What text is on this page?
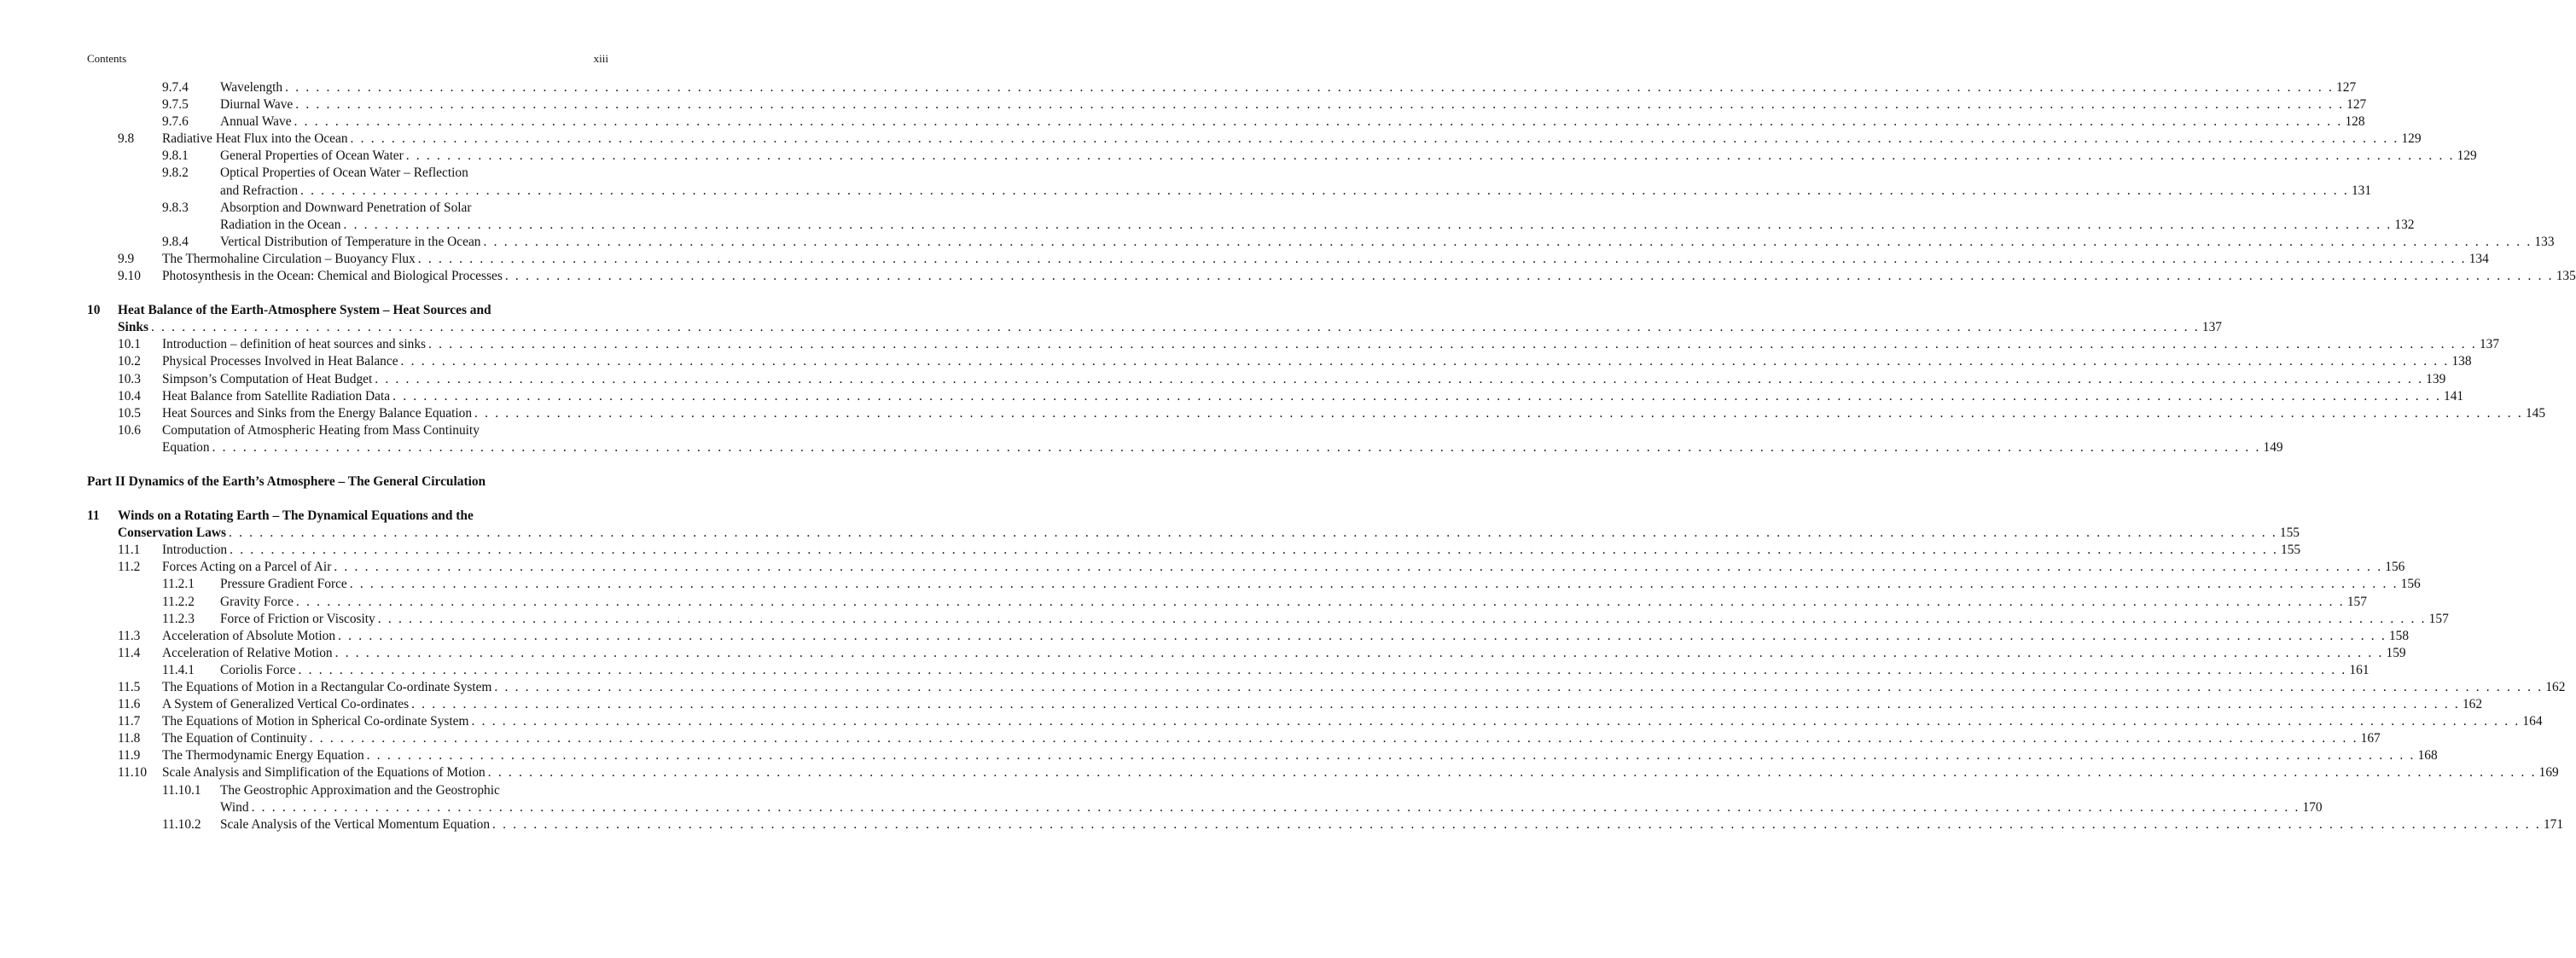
Contents	xiii
9.7.4 Wavelength . . . . . . . . . . . . . . . . . . . . . . . . . . . . . . . . . . . . . . . . . . . . . . . . . . . . . . . . . . . . . . . . . . . . . . . . . . . . . . . . . . . . . . . . . . . . . . . . . . . . . . . . . . . . . . . . . . . . . . . . . . . . . . . . . . . . . . . . . . . . . . . . . . . . . . . . . . . . . . . . . . . . . . . . . . . . . . . . . . . . . . . . . . . . . . . . . . . . . . . 127
9.7.5 Diurnal Wave . . . . . . . . . . . . . . . . . . . . . . . . . . . . . . . . . . . . . . . . . . . . . . . . . . . . . . . . . . . . . . . . . . . . . . . . . . . . . . . . . . . . . . . . . . . . . . . . . . . . . . . . . . . . . . . . . . . . . . . . . . . . . . . . . . . . . . . . . . . . . . . . . . . . . . . . . . . . . . . . . . . . . . . . . . . . . . . . . . . . . . . . . . . . . . . . . . . . . . . 127
9.7.6 Annual Wave . . . . . . . . . . . . . . . . . . . . . . . . . . . . . . . . . . . . . . . . . . . . . . . . . . . . . . . . . . . . . . . . . . . . . . . . . . . . . . . . . . . . . . . . . . . . . . . . . . . . . . . . . . . . . . . . . . . . . . . . . . . . . . . . . . . . . . . . . . . . . . . . . . . . . . . . . . . . . . . . . . . . . . . . . . . . . . . . . . . . . . . . . . . . . . . . . . . . . . . 128
9.8 Radiative Heat Flux into the Ocean . . . . . . . . . . . . . . . . . . . . . . . . . . . . . . . . . . . . . . . . . . . . . . . . . . . . . . . . . . . . . . . . . . . . . . . . . . . . . . . . . . . . . . . . . . . . . . . . . . . . . . . . . . . . . . . . . . . . . . . . . . . . . . . . . . . . . . . . . . . . . . . . . . . . . . . . . . . . . . . . . . . . . . . . . . . . . . . . . . . . . . . . . . . . . . . . . . . . . . . 129
9.8.1 General Properties of Ocean Water . . . . . . . . . . . . . . . . . . . . . . . . . . . . . . . . . . . . . . . . . . . . . . . . . . . . . . . . . . . . . . . . . . . . . . . . . . . . . . . . . . . . . . . . . . . . . . . . . . . . . . . . . . . . . . . . . . . . . . . . . . . . . . . . . . . . . . . . . . . . . . . . . . . . . . . . . . . . . . . . . . . . . . . . . . . . . . . . . . . . . . . . . . . . . . . . . . . . . . . 129
9.8.2 Optical Properties of Ocean Water – Reflection
and Refraction . . . . . . . . . . . . . . . . . . . . . . . . . . . . . . . . . . . . . . . . . . . . . . . . . . . . . . . . . . . . . . . . . . . . . . . . . . . . . . . . . . . . . . . . . . . . . . . . . . . . . . . . . . . . . . . . . . . . . . . . . . . . . . . . . . . . . . . . . . . . . . . . . . . . . . . . . . . . . . . . . . . . . . . . . . . . . . . . . . . . . . . . . . . . . . . . . . . . . . . 131
9.8.3 Absorption and Downward Penetration of Solar
Radiation in the Ocean . . . . . . . . . . . . . . . . . . . . . . . . . . . . . . . . . . . . . . . . . . . . . . . . . . . . . . . . . . . . . . . . . . . . . . . . . . . . . . . . . . . . . . . . . . . . . . . . . . . . . . . . . . . . . . . . . . . . . . . . . . . . . . . . . . . . . . . . . . . . . . . . . . . . . . . . . . . . . . . . . . . . . . . . . . . . . . . . . . . . . . . . . . . . . . . . . . . . . . . 132
9.8.4 Vertical Distribution of Temperature in the Ocean . . . . . . . . . . . . . . . . . . . . . . . . . . . . . . . . . . . . . . . . . . . . . . . . . . . . . . . . . . . . . . . . . . . . . . . . . . . . . . . . . . . . . . . . . . . . . . . . . . . . . . . . . . . . . . . . . . . . . . . . . . . . . . . . . . . . . . . . . . . . . . . . . . . . . . . . . . . . . . . . . . . . . . . . . . . . . . . . . . . . . . . . . . . . . . . . . . . . . . . 133
9.9 The Thermohaline Circulation – Buoyancy Flux . . . . . . . . . . . . . . . . . . . . . . . . . . . . . . . . . . . . . . . . . . . . . . . . . . . . . . . . . . . . . . . . . . . . . . . . . . . . . . . . . . . . . . . . . . . . . . . . . . . . . . . . . . . . . . . . . . . . . . . . . . . . . . . . . . . . . . . . . . . . . . . . . . . . . . . . . . . . . . . . . . . . . . . . . . . . . . . . . . . . . . . . . . . . . . . . . . . . . . . 134
9.10 Photosynthesis in the Ocean: Chemical and Biological Processes . . . . . . . . . . . . . . . . . . . . . . . . . . . . . . . . . . . . . . . . . . . . . . . . . . . . . . . . . . . . . . . . . . . . . . . . . . . . . . . . . . . . . . . . . . . . . . . . . . . . . . . . . . . . . . . . . . . . . . . . . . . . . . . . . . . . . . . . . . . . . . . . . . . . . . . . . . . . . . . . . . . . . . . . . . . . . . . . . . . . . . . . . . . . . . . . . . . . . . . 135
10 Heat Balance of the Earth-Atmosphere System – Heat Sources and
Sinks . . . . . . . . . . . . . . . . . . . . . . . . . . . . . . . . . . . . . . . . . . . . . . . . . . . . . . . . . . . . . . . . . . . . . . . . . . . . . . . . . . . . . . . . . . . . . . . . . . . . . . . . . . . . . . . . . . . . . . . . . . . . . . . . . . . . . . . . . . . . . . . . . . . . . . . . . . . . . . . . . . . . . . . . . . . . . . . . . . . . . . . . . . . . . . . . . . . . . . . 137
10.1 Introduction – definition of heat sources and sinks . . . . . . . . . . . . . . . . . . . . . . . . . . . . . . . . . . . . . . . . . . . . . . . . . . . . . . . . . . . . . . . . . . . . . . . . . . . . . . . . . . . . . . . . . . . . . . . . . . . . . . . . . . . . . . . . . . . . . . . . . . . . . . . . . . . . . . . . . . . . . . . . . . . . . . . . . . . . . . . . . . . . . . . . . . . . . . . . . . . . . . . . . . . . . . . . . . . . . . . 137
10.2 Physical Processes Involved in Heat Balance . . . . . . . . . . . . . . . . . . . . . . . . . . . . . . . . . . . . . . . . . . . . . . . . . . . . . . . . . . . . . . . . . . . . . . . . . . . . . . . . . . . . . . . . . . . . . . . . . . . . . . . . . . . . . . . . . . . . . . . . . . . . . . . . . . . . . . . . . . . . . . . . . . . . . . . . . . . . . . . . . . . . . . . . . . . . . . . . . . . . . . . . . . . . . . . . . . . . . . . 138
10.3 Simpson’s Computation of Heat Budget . . . . . . . . . . . . . . . . . . . . . . . . . . . . . . . . . . . . . . . . . . . . . . . . . . . . . . . . . . . . . . . . . . . . . . . . . . . . . . . . . . . . . . . . . . . . . . . . . . . . . . . . . . . . . . . . . . . . . . . . . . . . . . . . . . . . . . . . . . . . . . . . . . . . . . . . . . . . . . . . . . . . . . . . . . . . . . . . . . . . . . . . . . . . . . . . . . . . . . . 139
10.4 Heat Balance from Satellite Radiation Data . . . . . . . . . . . . . . . . . . . . . . . . . . . . . . . . . . . . . . . . . . . . . . . . . . . . . . . . . . . . . . . . . . . . . . . . . . . . . . . . . . . . . . . . . . . . . . . . . . . . . . . . . . . . . . . . . . . . . . . . . . . . . . . . . . . . . . . . . . . . . . . . . . . . . . . . . . . . . . . . . . . . . . . . . . . . . . . . . . . . . . . . . . . . . . . . . . . . . . . 141
10.5 Heat Sources and Sinks from the Energy Balance Equation . . . . . . . . . . . . . . . . . . . . . . . . . . . . . . . . . . . . . . . . . . . . . . . . . . . . . . . . . . . . . . . . . . . . . . . . . . . . . . . . . . . . . . . . . . . . . . . . . . . . . . . . . . . . . . . . . . . . . . . . . . . . . . . . . . . . . . . . . . . . . . . . . . . . . . . . . . . . . . . . . . . . . . . . . . . . . . . . . . . . . . . . . . . . . . . . . . . . . . . 145
10.6 Computation of Atmospheric Heating from Mass Continuity
Equation . . . . . . . . . . . . . . . . . . . . . . . . . . . . . . . . . . . . . . . . . . . . . . . . . . . . . . . . . . . . . . . . . . . . . . . . . . . . . . . . . . . . . . . . . . . . . . . . . . . . . . . . . . . . . . . . . . . . . . . . . . . . . . . . . . . . . . . . . . . . . . . . . . . . . . . . . . . . . . . . . . . . . . . . . . . . . . . . . . . . . . . . . . . . . . . . . . . . . . . 149
Part II Dynamics of the Earth’s Atmosphere – The General Circulation
11 Winds on a Rotating Earth – The Dynamical Equations and the
Conservation Laws . . . . . . . . . . . . . . . . . . . . . . . . . . . . . . . . . . . . . . . . . . . . . . . . . . . . . . . . . . . . . . . . . . . . . . . . . . . . . . . . . . . . . . . . . . . . . . . . . . . . . . . . . . . . . . . . . . . . . . . . . . . . . . . . . . . . . . . . . . . . . . . . . . . . . . . . . . . . . . . . . . . . . . . . . . . . . . . . . . . . . . . . . . . . . . . . . . . . . . . 155
11.1 Introduction . . . . . . . . . . . . . . . . . . . . . . . . . . . . . . . . . . . . . . . . . . . . . . . . . . . . . . . . . . . . . . . . . . . . . . . . . . . . . . . . . . . . . . . . . . . . . . . . . . . . . . . . . . . . . . . . . . . . . . . . . . . . . . . . . . . . . . . . . . . . . . . . . . . . . . . . . . . . . . . . . . . . . . . . . . . . . . . . . . . . . . . . . . . . . . . . . . . . . . . 155
11.2 Forces Acting on a Parcel of Air . . . . . . . . . . . . . . . . . . . . . . . . . . . . . . . . . . . . . . . . . . . . . . . . . . . . . . . . . . . . . . . . . . . . . . . . . . . . . . . . . . . . . . . . . . . . . . . . . . . . . . . . . . . . . . . . . . . . . . . . . . . . . . . . . . . . . . . . . . . . . . . . . . . . . . . . . . . . . . . . . . . . . . . . . . . . . . . . . . . . . . . . . . . . . . . . . . . . . . . 156
11.2.1 Pressure Gradient Force . . . . . . . . . . . . . . . . . . . . . . . . . . . . . . . . . . . . . . . . . . . . . . . . . . . . . . . . . . . . . . . . . . . . . . . . . . . . . . . . . . . . . . . . . . . . . . . . . . . . . . . . . . . . . . . . . . . . . . . . . . . . . . . . . . . . . . . . . . . . . . . . . . . . . . . . . . . . . . . . . . . . . . . . . . . . . . . . . . . . . . . . . . . . . . . . . . . . . . . 156
11.2.2 Gravity Force . . . . . . . . . . . . . . . . . . . . . . . . . . . . . . . . . . . . . . . . . . . . . . . . . . . . . . . . . . . . . . . . . . . . . . . . . . . . . . . . . . . . . . . . . . . . . . . . . . . . . . . . . . . . . . . . . . . . . . . . . . . . . . . . . . . . . . . . . . . . . . . . . . . . . . . . . . . . . . . . . . . . . . . . . . . . . . . . . . . . . . . . . . . . . . . . . . . . . . . 157
11.2.3 Force of Friction or Viscosity . . . . . . . . . . . . . . . . . . . . . . . . . . . . . . . . . . . . . . . . . . . . . . . . . . . . . . . . . . . . . . . . . . . . . . . . . . . . . . . . . . . . . . . . . . . . . . . . . . . . . . . . . . . . . . . . . . . . . . . . . . . . . . . . . . . . . . . . . . . . . . . . . . . . . . . . . . . . . . . . . . . . . . . . . . . . . . . . . . . . . . . . . . . . . . . . . . . . . . . 157
11.3 Acceleration of Absolute Motion . . . . . . . . . . . . . . . . . . . . . . . . . . . . . . . . . . . . . . . . . . . . . . . . . . . . . . . . . . . . . . . . . . . . . . . . . . . . . . . . . . . . . . . . . . . . . . . . . . . . . . . . . . . . . . . . . . . . . . . . . . . . . . . . . . . . . . . . . . . . . . . . . . . . . . . . . . . . . . . . . . . . . . . . . . . . . . . . . . . . . . . . . . . . . . . . . . . . . . . 158
11.4 Acceleration of Relative Motion . . . . . . . . . . . . . . . . . . . . . . . . . . . . . . . . . . . . . . . . . . . . . . . . . . . . . . . . . . . . . . . . . . . . . . . . . . . . . . . . . . . . . . . . . . . . . . . . . . . . . . . . . . . . . . . . . . . . . . . . . . . . . . . . . . . . . . . . . . . . . . . . . . . . . . . . . . . . . . . . . . . . . . . . . . . . . . . . . . . . . . . . . . . . . . . . . . . . . . . 159
11.4.1 Coriolis Force . . . . . . . . . . . . . . . . . . . . . . . . . . . . . . . . . . . . . . . . . . . . . . . . . . . . . . . . . . . . . . . . . . . . . . . . . . . . . . . . . . . . . . . . . . . . . . . . . . . . . . . . . . . . . . . . . . . . . . . . . . . . . . . . . . . . . . . . . . . . . . . . . . . . . . . . . . . . . . . . . . . . . . . . . . . . . . . . . . . . . . . . . . . . . . . . . . . . . . . 161
11.5 The Equations of Motion in a Rectangular Co-ordinate System . . . . . . . . . . . . . . . . . . . . . . . . . . . . . . . . . . . . . . . . . . . . . . . . . . . . . . . . . . . . . . . . . . . . . . . . . . . . . . . . . . . . . . . . . . . . . . . . . . . . . . . . . . . . . . . . . . . . . . . . . . . . . . . . . . . . . . . . . . . . . . . . . . . . . . . . . . . . . . . . . . . . . . . . . . . . . . . . . . . . . . . . . . . . . . . . . . . . . . . 162
11.6 A System of Generalized Vertical Co-ordinates . . . . . . . . . . . . . . . . . . . . . . . . . . . . . . . . . . . . . . . . . . . . . . . . . . . . . . . . . . . . . . . . . . . . . . . . . . . . . . . . . . . . . . . . . . . . . . . . . . . . . . . . . . . . . . . . . . . . . . . . . . . . . . . . . . . . . . . . . . . . . . . . . . . . . . . . . . . . . . . . . . . . . . . . . . . . . . . . . . . . . . . . . . . . . . . . . . . . . . . 162
11.7 The Equations of Motion in Spherical Co-ordinate System . . . . . . . . . . . . . . . . . . . . . . . . . . . . . . . . . . . . . . . . . . . . . . . . . . . . . . . . . . . . . . . . . . . . . . . . . . . . . . . . . . . . . . . . . . . . . . . . . . . . . . . . . . . . . . . . . . . . . . . . . . . . . . . . . . . . . . . . . . . . . . . . . . . . . . . . . . . . . . . . . . . . . . . . . . . . . . . . . . . . . . . . . . . . . . . . . . . . . . . 164
11.8 The Equation of Continuity . . . . . . . . . . . . . . . . . . . . . . . . . . . . . . . . . . . . . . . . . . . . . . . . . . . . . . . . . . . . . . . . . . . . . . . . . . . . . . . . . . . . . . . . . . . . . . . . . . . . . . . . . . . . . . . . . . . . . . . . . . . . . . . . . . . . . . . . . . . . . . . . . . . . . . . . . . . . . . . . . . . . . . . . . . . . . . . . . . . . . . . . . . . . . . . . . . . . . . . 167
11.9 The Thermodynamic Energy Equation . . . . . . . . . . . . . . . . . . . . . . . . . . . . . . . . . . . . . . . . . . . . . . . . . . . . . . . . . . . . . . . . . . . . . . . . . . . . . . . . . . . . . . . . . . . . . . . . . . . . . . . . . . . . . . . . . . . . . . . . . . . . . . . . . . . . . . . . . . . . . . . . . . . . . . . . . . . . . . . . . . . . . . . . . . . . . . . . . . . . . . . . . . . . . . . . . . . . . . . 168
11.10 Scale Analysis and Simplification of the Equations of Motion . . . . . . . . . . . . . . . . . . . . . . . . . . . . . . . . . . . . . . . . . . . . . . . . . . . . . . . . . . . . . . . . . . . . . . . . . . . . . . . . . . . . . . . . . . . . . . . . . . . . . . . . . . . . . . . . . . . . . . . . . . . . . . . . . . . . . . . . . . . . . . . . . . . . . . . . . . . . . . . . . . . . . . . . . . . . . . . . . . . . . . . . . . . . . . . . . . . . . . . 169
11.10.1 The Geostrophic Approximation and the Geostrophic
Wind . . . . . . . . . . . . . . . . . . . . . . . . . . . . . . . . . . . . . . . . . . . . . . . . . . . . . . . . . . . . . . . . . . . . . . . . . . . . . . . . . . . . . . . . . . . . . . . . . . . . . . . . . . . . . . . . . . . . . . . . . . . . . . . . . . . . . . . . . . . . . . . . . . . . . . . . . . . . . . . . . . . . . . . . . . . . . . . . . . . . . . . . . . . . . . . . . . . . . . . 170
11.10.2 Scale Analysis of the Vertical Momentum Equation . . . . . . . . . . . . . . . . . . . . . . . . . . . . . . . . . . . . . . . . . . . . . . . . . . . . . . . . . . . . . . . . . . . . . . . . . . . . . . . . . . . . . . . . . . . . . . . . . . . . . . . . . . . . . . . . . . . . . . . . . . . . . . . . . . . . . . . . . . . . . . . . . . . . . . . . . . . . . . . . . . . . . . . . . . . . . . . . . . . . . . . . . . . . . . . . . . . . . . . 171
